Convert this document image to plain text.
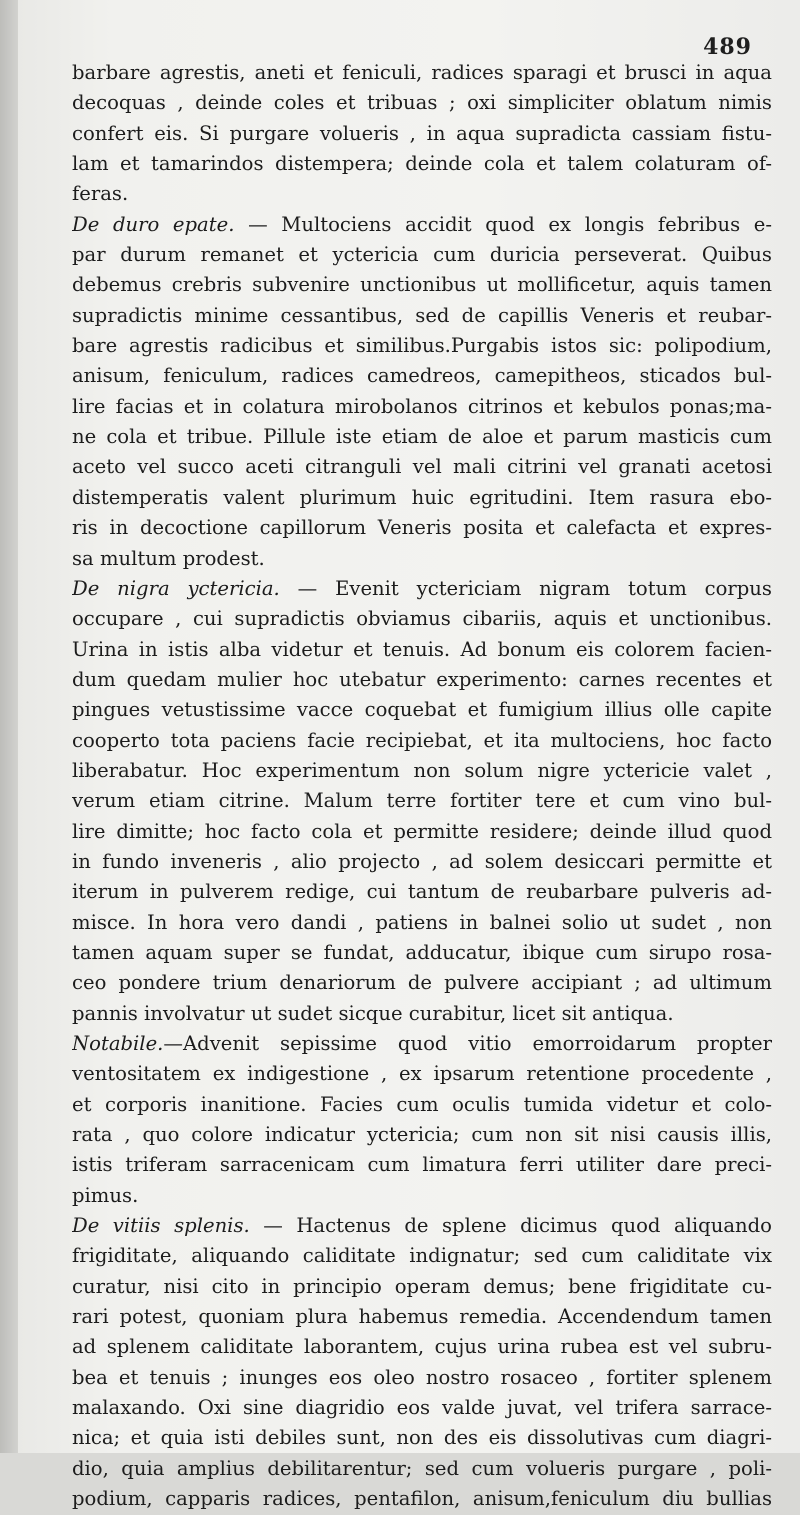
489
barbare agrestis, aneti et feniculi, radices sparagi et brusci in aqua
decoquas , deinde coles et tribuas ; oxi simpliciter oblatum nimis
confert eis. Si purgare volueris , in aqua supradicta cassiam fistu-
lam et tamarindos distempera; deinde cola et talem colaturam of-
feras.
De duro epate. — Multociens accidit quod ex longis febribus e-
par durum remanet et yctericia cum duricia perseverat. Quibus
debemus crebris subvenire unctionibus ut mollificetur, aquis tamen
supradictis minime cessantibus, sed de capillis Veneris et reubar-
bare agrestis radicibus et similibus.Purgabis istos sic: polipodium,
anisum, feniculum, radices camedreos, camepitheos, sticados bul-
lire facias et in colatura mirobolanos citrinos et kebulos ponas;ma-
ne cola et tribue. Pillule iste etiam de aloe et parum masticis cum
aceto vel succo aceti citranguli vel mali citrini vel granati acetosi
distemperatis valent plurimum huic egritudini. Item rasura ebo-
ris in decoctione capillorum Veneris posita et calefacta et expres-
sa multum prodest.
De nigra yctericia. — Evenit yctericiam nigram totum corpus
occupare , cui supradictis obviamus cibariis, aquis et unctionibus.
Urina in istis alba videtur et tenuis. Ad bonum eis colorem facien-
dum quedam mulier hoc utebatur experimento: carnes recentes et
pingues vetustissime vacce coquebat et fumigium illius olle capite
cooperto tota paciens facie recipiebat, et ita multociens, hoc facto
liberabatur. Hoc experimentum non solum nigre yctericie valet ,
verum etiam citrine. Malum terre fortiter tere et cum vino bul-
lire dimitte; hoc facto cola et permitte residere; deinde illud quod
in fundo inveneris , alio projecto , ad solem desiccari permitte et
iterum in pulverem redige, cui tantum de reubarbare pulveris ad-
misce. In hora vero dandi , patiens in balnei solio ut sudet , non
tamen aquam super se fundat, adducatur, ibique cum sirupo rosa-
ceo pondere trium denariorum de pulvere accipiant ; ad ultimum
pannis involvatur ut sudet sicque curabitur, licet sit antiqua.
Notabile.—Advenit sepissime quod vitio emorroidarum propter
ventositatem ex indigestione , ex ipsarum retentione procedente ,
et corporis inanitione. Facies cum oculis tumida videtur et colo-
rata , quo colore indicatur yctericia; cum non sit nisi causis illis,
istis triferam sarracenicam cum limatura ferri utiliter dare preci-
pimus.
De vitiis splenis. — Hactenus de splene dicimus quod aliquando
frigiditate, aliquando caliditate indignatur; sed cum caliditate vix
curatur, nisi cito in principio operam demus; bene frigiditate cu-
rari potest, quoniam plura habemus remedia. Accendendum tamen
ad splenem caliditate laborantem, cujus urina rubea est vel subru-
bea et tenuis ; inunges eos oleo nostro rosaceo , fortiter splenem
malaxando. Oxi sine diagridio eos valde juvat, vel trifera sarrace-
nica; et quia isti debiles sunt, non des eis dissolutivas cum diagri-
dio, quia amplius debilitarentur; sed cum volueris purgare , poli-
podium, capparis radices, pentafilon, anisum,feniculum diu bullias
